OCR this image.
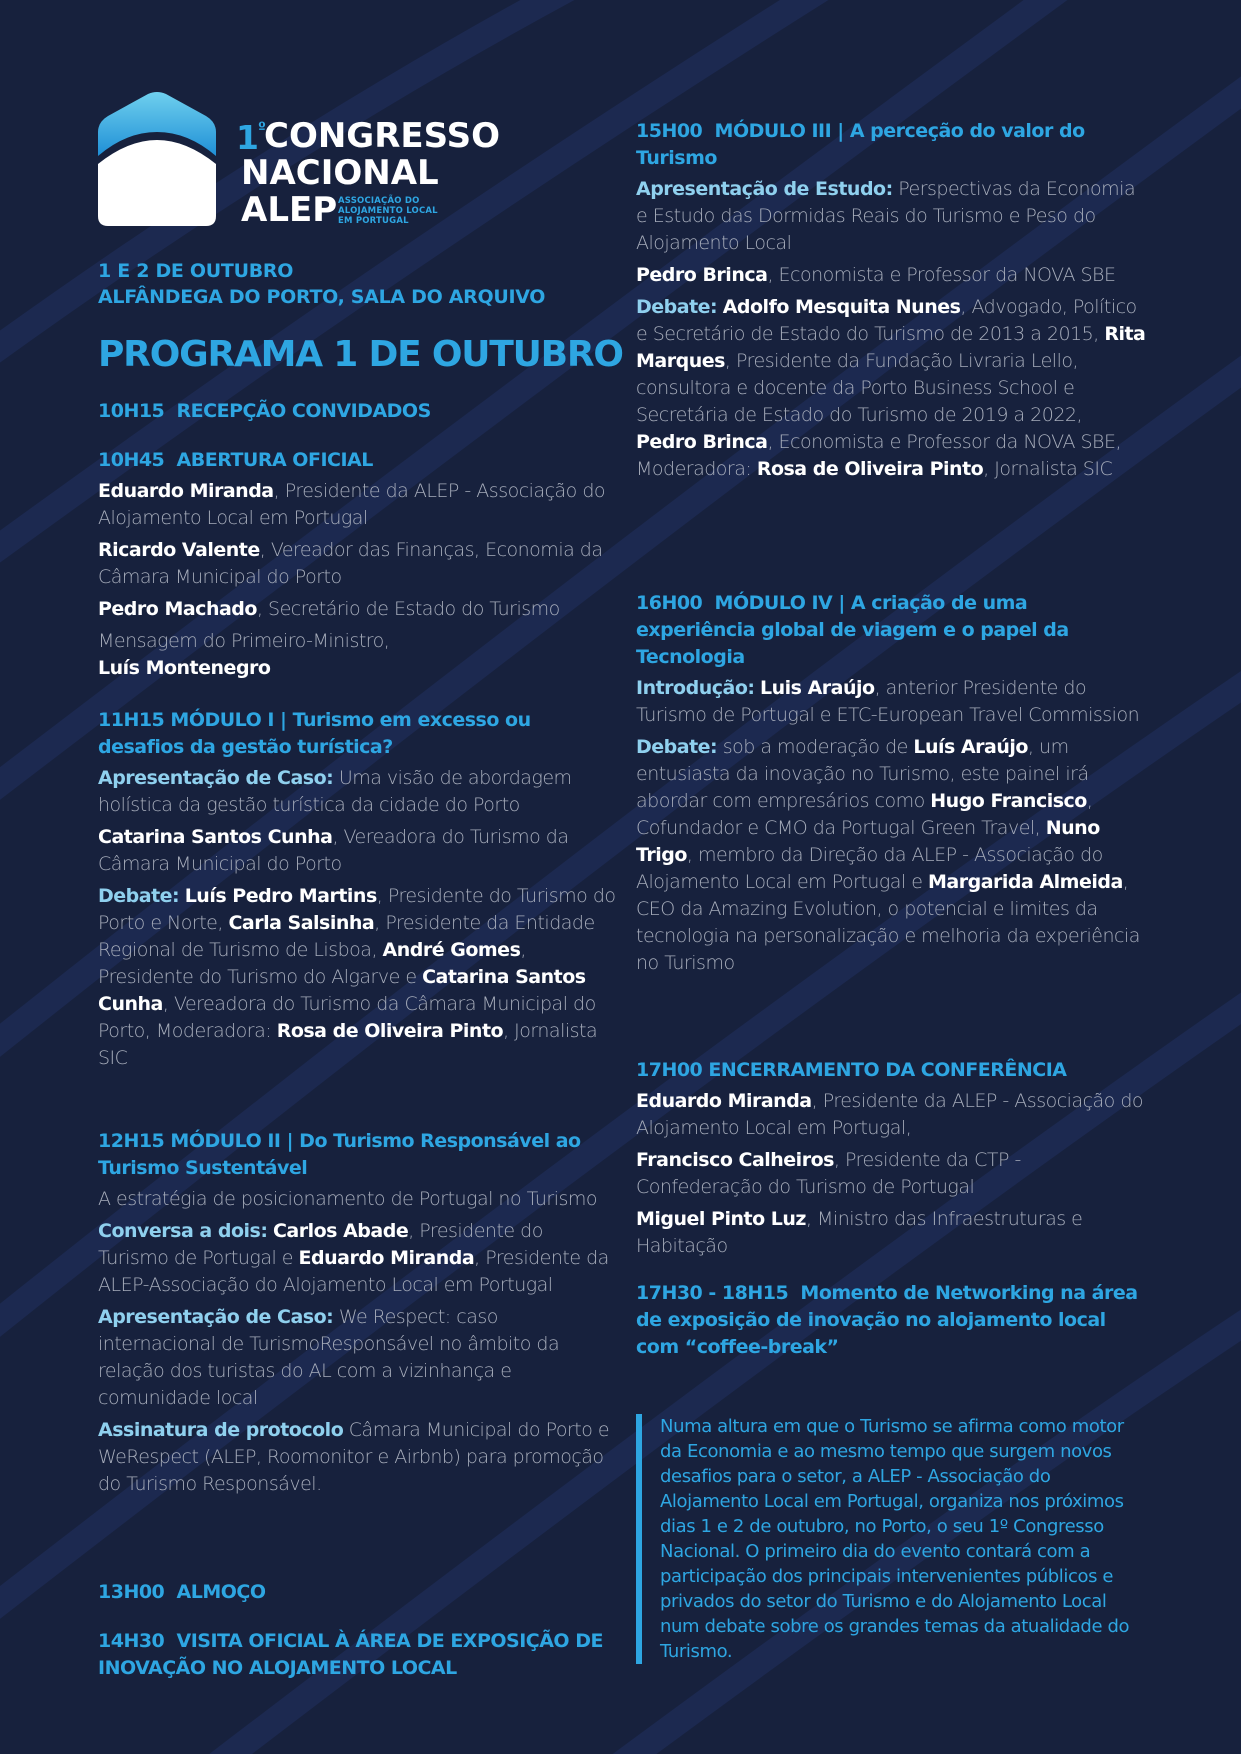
$1^º$ CONGRESSO
NACIONAL
ALEP ASSOCIAÇÃO DO
ALOJAMENTO LOCAL
EM PORTUGAL
1 E 2 DE OUTUBRO
ALFÂNDEGA DO PORTO, SALA DO ARQUIVO
PROGRAMA 1 DE OUTUBRO

10H15 RECEPÇÃO CONVIDADOS

10H45 ABERTURA OFICIAL

Eduardo Miranda, Presidente da ALEP - Associação do Alojamento Local em Portugal

Ricardo Valente, Vereador das Finanças, Economia da Câmara Municipal do Porto

Pedro Machado, Secretário de Estado do Turismo

Mensagem do Primeiro-Ministro,

Luís Montenegro

11H15 MÓDULO I | Turismo em excesso ou desafios da gestão turística?

Apresentação de Caso: Uma visão de abordagem holística da gestão turística da cidade do Porto

Catarina Santos Cunha, Vereadora do Turismo da Câmara Municipal do Porto

Debate: Luís Pedro Martins, Presidente do Turismo do Porto e Norte, Carla Salsinha, Presidente da Entidade Regional de Turismo de Lisboa, André Gomes, Presidente do Turismo do Algarve e Catarina Santos Cunha, Vereadora do Turismo da Câmara Municipal do Porto, Moderadora: Rosa de Oliveira Pinto, Jornalista SIC

12H15 MÓDULO II | Do Turismo Responsável ao Turismo Sustentável

A estratégia de posicionamento de Portugal no Turismo

Conversa a dois: Carlos Abade, Presidente do Turismo de Portugal e Eduardo Miranda, Presidente da ALEP-Associação do Alojamento Local em Portugal

Apresentação de Caso: We Respect: caso internacional de TurismoResponsável no âmbito da relação dos turistas do AL com a vizinhança e comunidade local

Assinatura de protocolo Câmara Municipal do Porto e WeRespect (ALEP, Roomonitor e Airbnb) para promoção do Turismo Responsável.

13H00 ALMOÇO

14H30 VISITA OFICIAL À ÁREA DE EXPOSIÇÃO DE INOVAÇÃO NO ALOJAMENTO LOCAL

15H00 MÓDULO III | A perceção do valor do Turismo

Apresentação de Estudo: Perspectivas da Economia e Estudo das Dormidas Reais do Turismo e Peso do Alojamento Local

Pedro Brinca, Economista e Professor da NOVA SBE

Debate: Adolfo Mesquita Nunes, Advogado, Político e Secretário de Estado do Turismo de 2013 a 2015, Rita Marques, Presidente da Fundação Livraria Lello, consultora e docente da Porto Business School e Secretária de Estado do Turismo de 2019 a 2022, Pedro Brinca, Economista e Professor da NOVA SBE, Moderadora: Rosa de Oliveira Pinto, Jornalista SIC

16H00 MÓDULO IV | A criação de uma experiência global de viagem e o papel da Tecnologia

Introdução: Luis Araújo, anterior Presidente do Turismo de Portugal e ETC-European Travel Commission

Debate: sob a moderação de Luís Araújo, um entusiasta da inovação no Turismo, este painel irá abordar com empresários como Hugo Francisco, Cofundador e CMO da Portugal Green Travel, Nuno Trigo, membro da Direção da ALEP - Associação do Alojamento Local em Portugal e Margarida Almeida, CEO da Amazing Evolution, o potencial e limites da tecnologia na personalização e melhoria da experiência no Turismo

17H00 ENCERRAMENTO DA CONFERÊNCIA

Eduardo Miranda, Presidente da ALEP - Associação do Alojamento Local em Portugal,

Francisco Calheiros, Presidente da CTP - Confederação do Turismo de Portugal

Miguel Pinto Luz, Ministro das Infraestruturas e Habitação

17H30 - 18H15 Momento de Networking na área de exposição de inovação no alojamento local com “coffee-break”

Numa altura em que o Turismo se afirma como motor da Economia e ao mesmo tempo que surgem novos desafios para o setor, a ALEP - Associação do Alojamento Local em Portugal, organiza nos próximos dias 1 e 2 de outubro, no Porto, o seu 1º Congresso Nacional. O primeiro dia do evento contará com a participação dos principais intervenientes públicos e privados do setor do Turismo e do Alojamento Local num debate sobre os grandes temas da atualidade do Turismo.
